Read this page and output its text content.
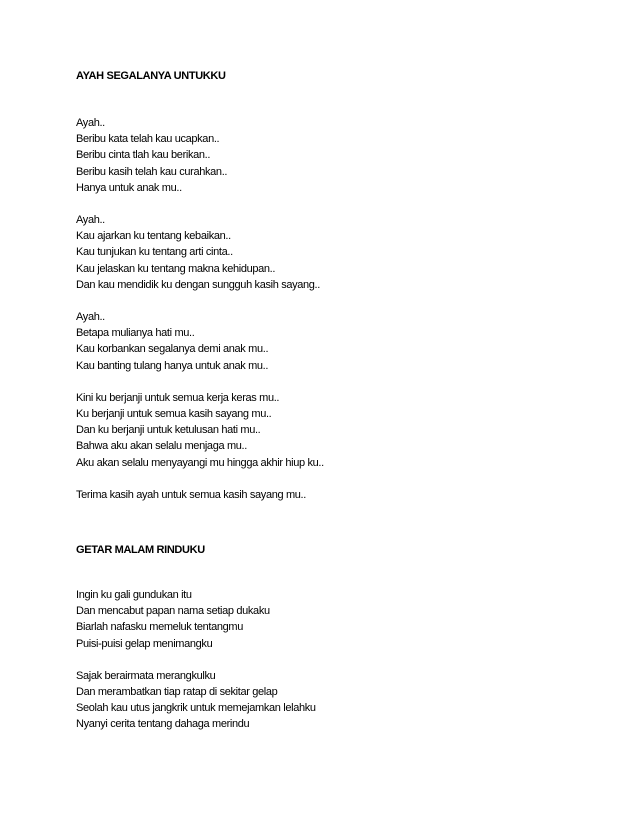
AYAH SEGALANYA UNTUKKU
Ayah..
Beribu kata telah kau ucapkan..
Beribu cinta tlah kau berikan..
Beribu kasih telah kau curahkan..
Hanya untuk anak mu..
Ayah..
Kau ajarkan ku tentang kebaikan..
Kau tunjukan ku tentang arti cinta..
Kau jelaskan ku tentang makna kehidupan..
Dan kau mendidik ku dengan sungguh kasih sayang..
Ayah..
Betapa mulianya hati mu..
Kau korbankan segalanya demi anak mu..
Kau banting tulang hanya untuk anak mu..
Kini ku berjanji untuk semua kerja keras mu..
Ku berjanji untuk semua kasih sayang mu..
Dan ku berjanji untuk ketulusan hati mu..
Bahwa aku akan selalu menjaga mu..
Aku akan selalu menyayangi mu hingga akhir hiup ku..
Terima kasih ayah untuk semua kasih sayang mu..
GETAR MALAM RINDUKU
Ingin ku gali gundukan itu
Dan mencabut papan nama setiap dukaku
Biarlah nafasku memeluk tentangmu
Puisi-puisi gelap menimangku
Sajak berairmata merangkulku
Dan merambatkan tiap ratap di sekitar gelap
Seolah kau utus jangkrik untuk memejamkan lelahku
Nyanyi cerita tentang dahaga merindu
